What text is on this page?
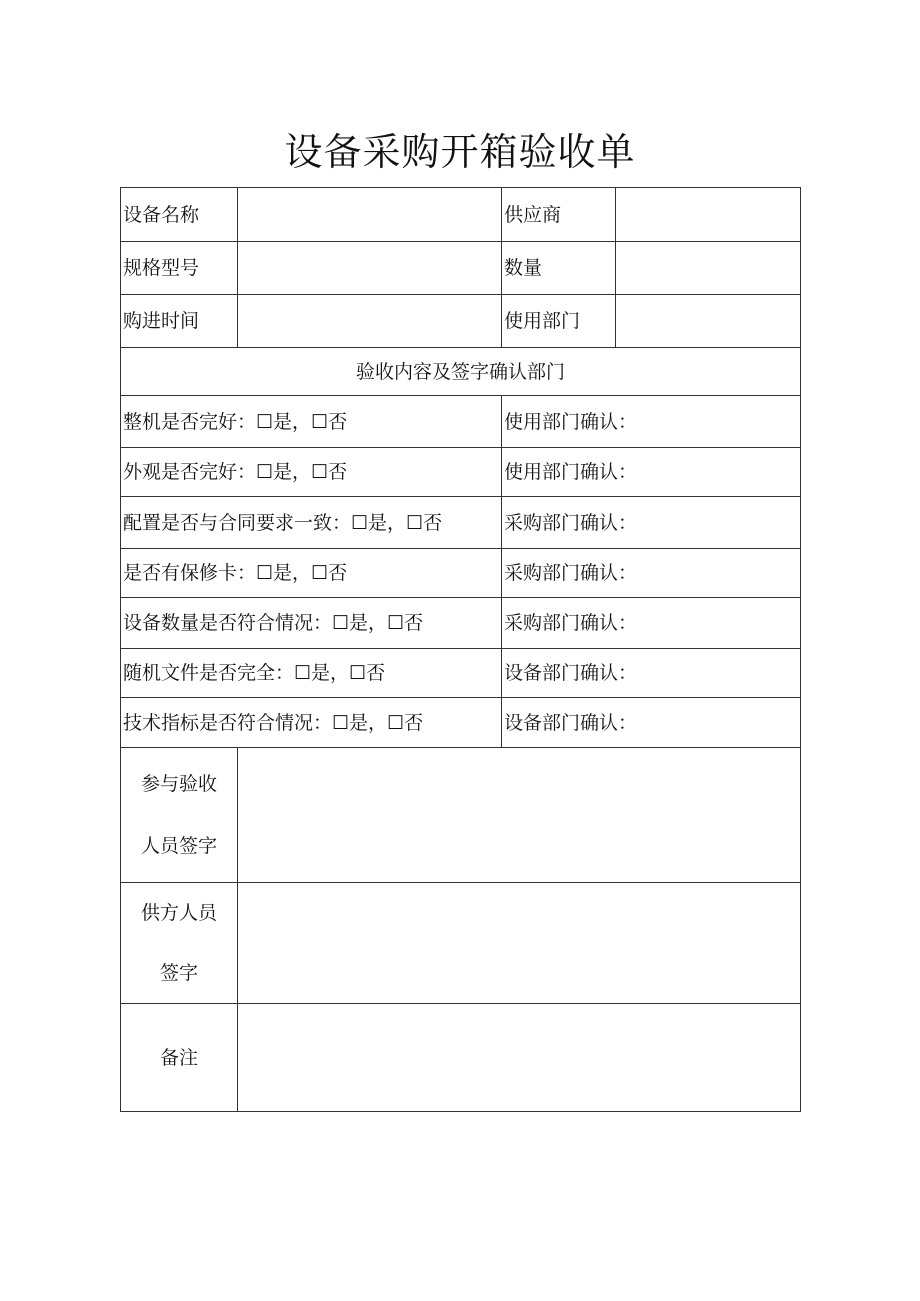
设备采购开箱验收单
设备名称		供应商	
规格型号		数量	
购进时间		使用部门	
验收内容及签字确认部门			
整机是否完好：☐是，☐否		使用部门确认：	
外观是否完好：☐是，☐否		使用部门确认：	
配置是否与合同要求一致：☐是，☐否		采购部门确认：	
是否有保修卡：☐是，☐否		采购部门确认：	
设备数量是否符合情况：☐是，☐否		采购部门确认：	
随机文件是否完全：☐是，☐否		设备部门确认：	
技术指标是否符合情况：☐是，☐否		设备部门确认：	

参与验收
人员签字			

供方人员
签字			

备注			
